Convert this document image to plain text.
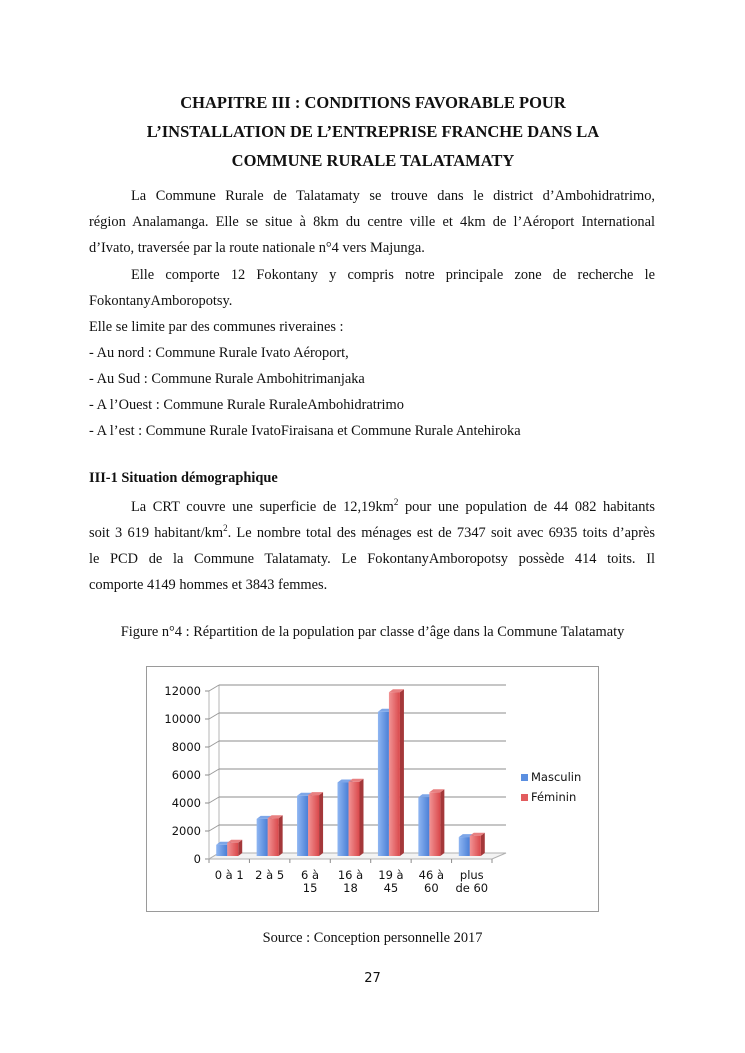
CHAPITRE III : CONDITIONS FAVORABLE POUR
L’INSTALLATION DE L’ENTREPRISE FRANCHE DANS LA
COMMUNE RURALE TALATAMATY
La Commune Rurale de Talatamaty se trouve dans le district d’Ambohidratrimo,
région Analamanga. Elle se situe à 8km du centre ville et 4km de l’Aéroport International
d’Ivato, traversée par la route nationale n°4 vers Majunga.
Elle comporte 12 Fokontany y compris notre principale zone de recherche le
FokontanyAmboropotsy.
Elle se limite par des communes riveraines :
- Au nord : Commune Rurale Ivato Aéroport,
- Au Sud : Commune Rurale Ambohitrimanjaka
- A l’Ouest : Commune Rurale RuraleAmbohidratrimo
- A l’est : Commune Rurale IvatoFiraisana et Commune Rurale Antehiroka
III-1 Situation démographique
La CRT couvre une superficie de $12,19km^2$ pour une population de 44 082 habitants
soit 3 619 habitant/$km^2$. Le nombre total des ménages est de 7347 soit avec 6935 toits d’après
le PCD de la Commune Talatamaty. Le FokontanyAmboropotsy possède 414 toits. Il
comporte 4149 hommes et 3843 femmes.
Figure n°4 : Répartition de la population par classe d’âge dans la Commune Talatamaty
0
2000
4000
6000
8000
10000
12000
0 à 1 2 à 5 6 à
15
16 à
18
19 à
45
46 à
60
plus
de 60
Masculin
Féminin
Source : Conception personnelle 2017
27
